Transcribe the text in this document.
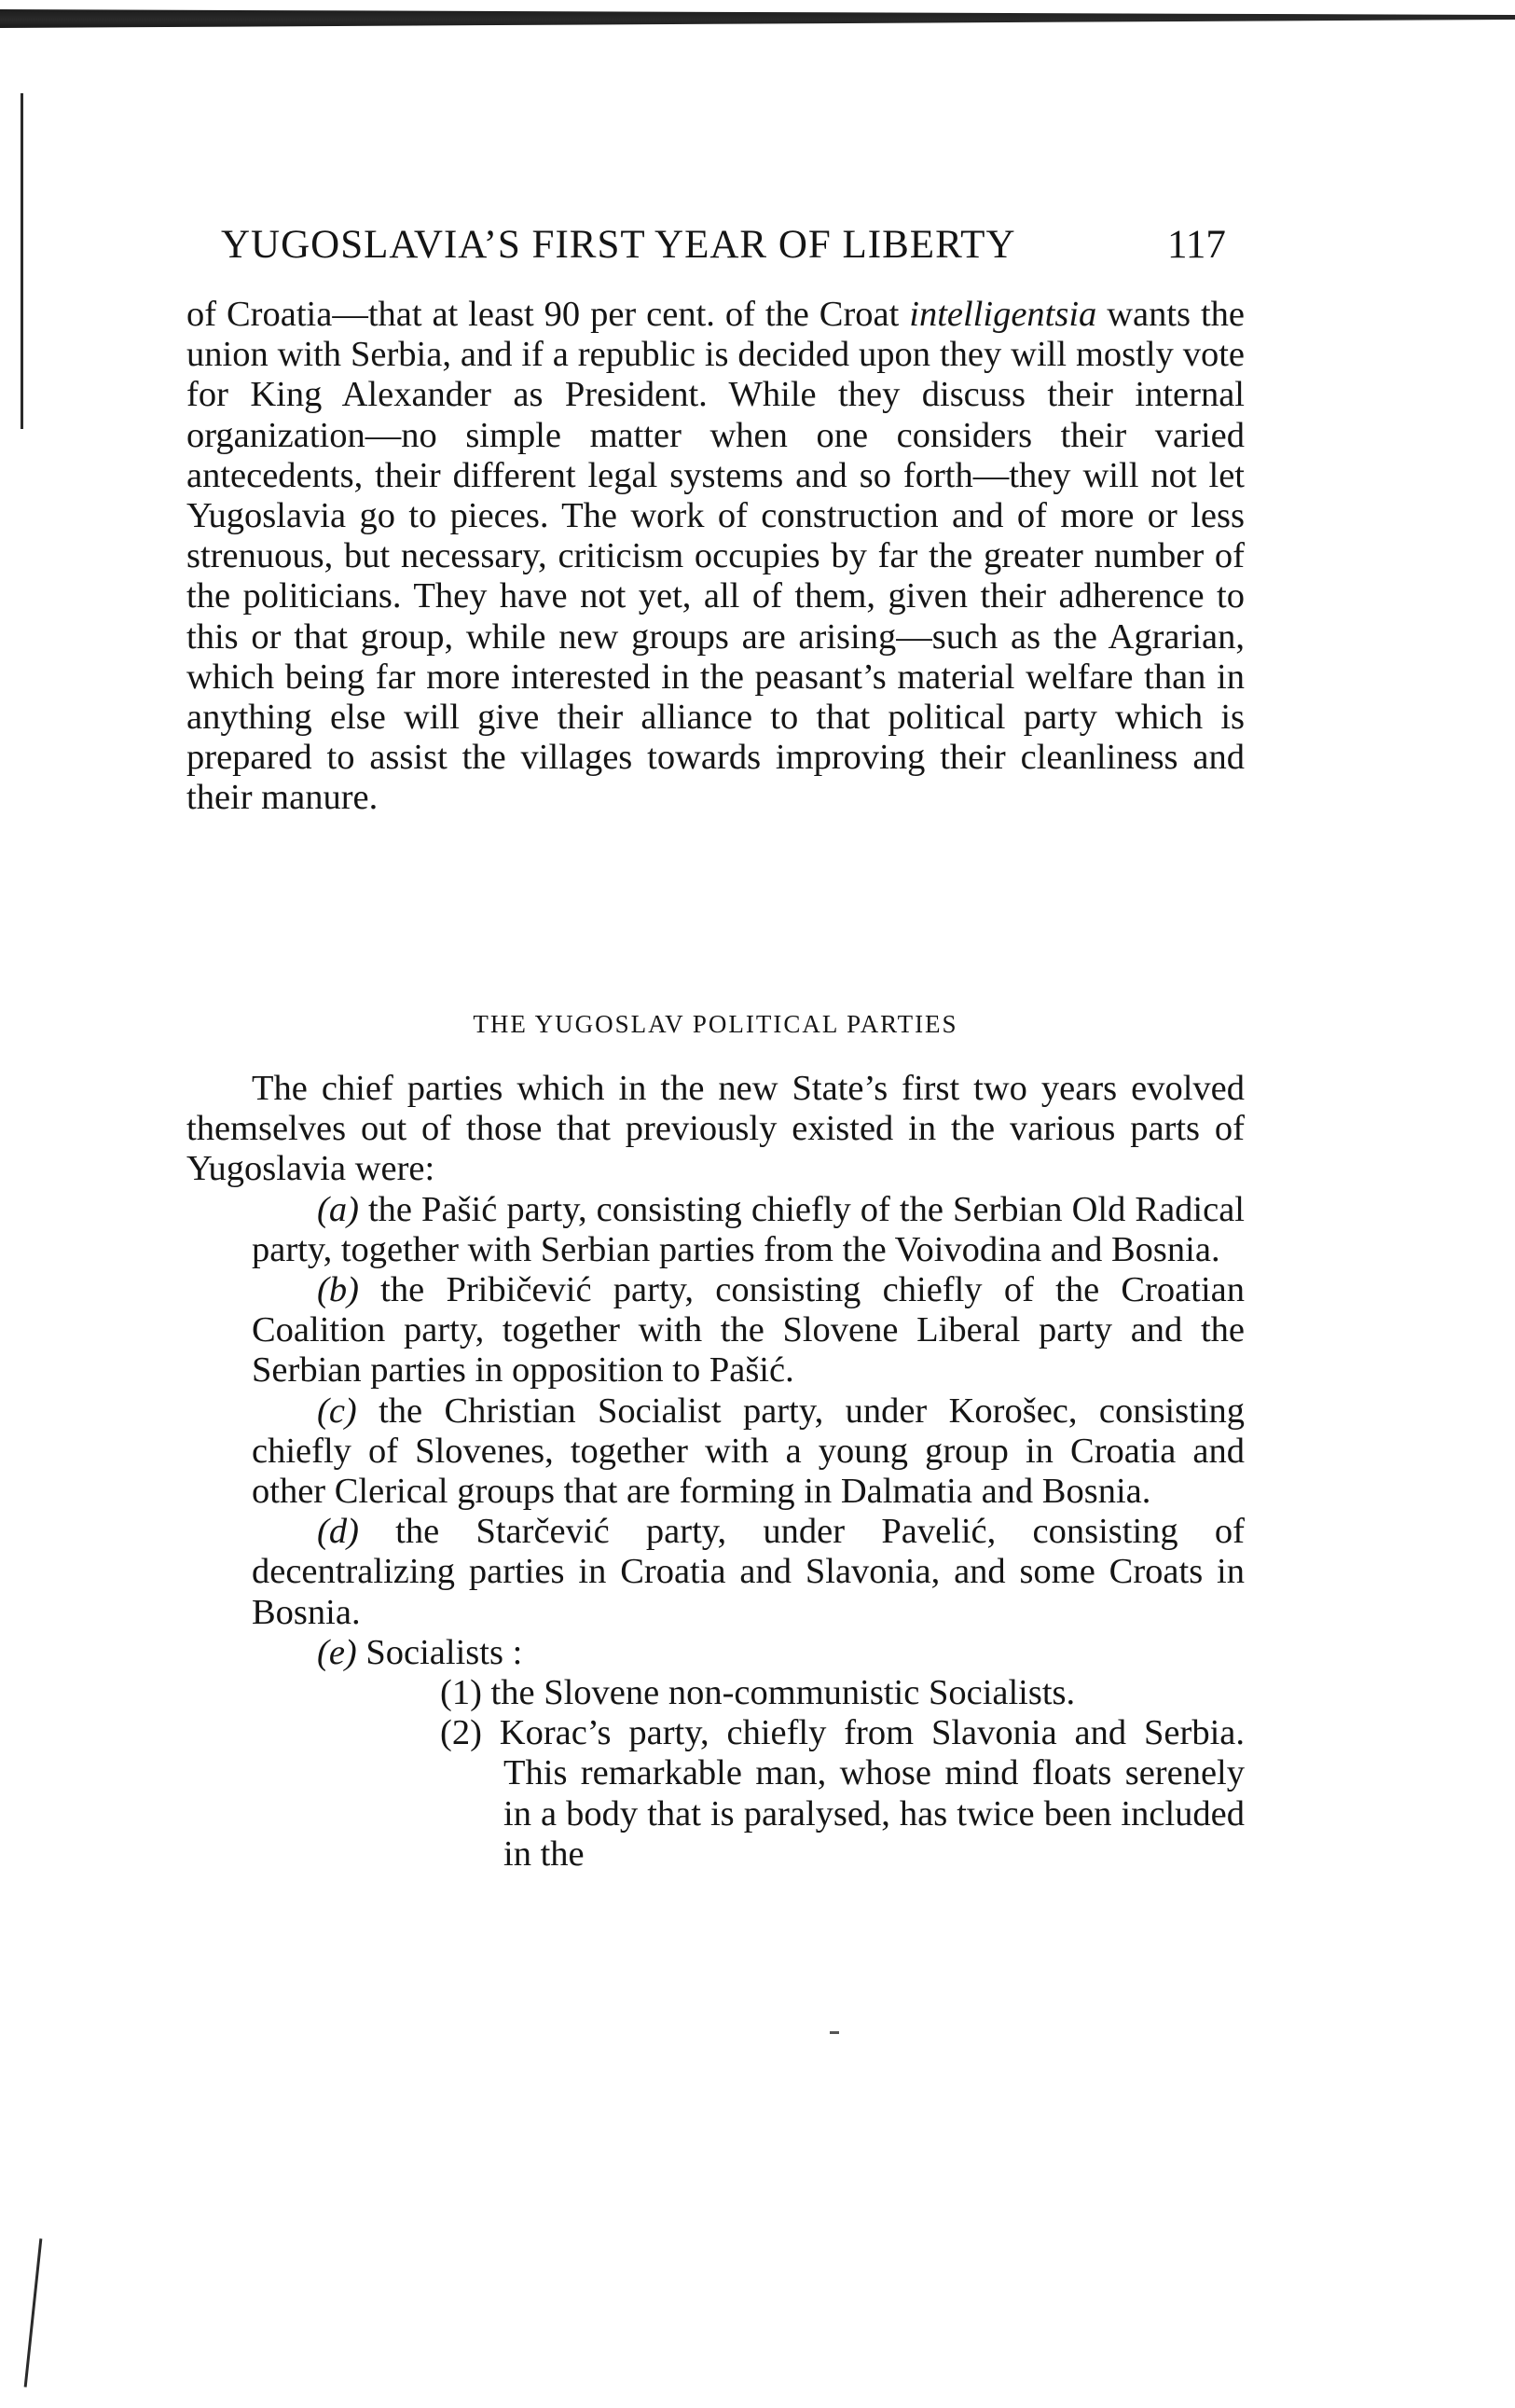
YUGOSLAVIA’S FIRST YEAR OF LIBERTY	117

of Croatia—that at least 90 per cent. of the Croat intelligentsia wants the union with Serbia, and if a republic is decided upon they will mostly vote for King Alexander as President. While they discuss their internal organization—no simple matter when one considers their varied antecedents, their different legal systems and so forth—they will not let Yugoslavia go to pieces. The work of construction and of more or less strenuous, but necessary, criticism occupies by far the greater number of the politicians. They have not yet, all of them, given their adherence to this or that group, while new groups are arising—such as the Agrarian, which being far more interested in the peasant’s material welfare than in anything else will give their alliance to that political party which is prepared to assist the villages towards improving their cleanliness and their manure.

THE YUGOSLAV POLITICAL PARTIES

The chief parties which in the new State’s first two years evolved themselves out of those that previously existed in the various parts of Yugoslavia were:

(a) the Pašić party, consisting chiefly of the Serbian Old Radical party, together with Serbian parties from the Voivodina and Bosnia.

(b) the Pribičević party, consisting chiefly of the Croatian Coalition party, together with the Slovene Liberal party and the Serbian parties in opposition to Pašić.

(c) the Christian Socialist party, under Korošec, consisting chiefly of Slovenes, together with a young group in Croatia and other Clerical groups that are forming in Dalmatia and Bosnia.

(d) the Starčević party, under Pavelić, consisting of decentralizing parties in Croatia and Slavonia, and some Croats in Bosnia.

(e) Socialists :

(1) the Slovene non-communistic Socialists.

(2) Korac’s party, chiefly from Slavonia and Serbia. This remarkable man, whose mind floats serenely in a body that is paralysed, has twice been included in the
